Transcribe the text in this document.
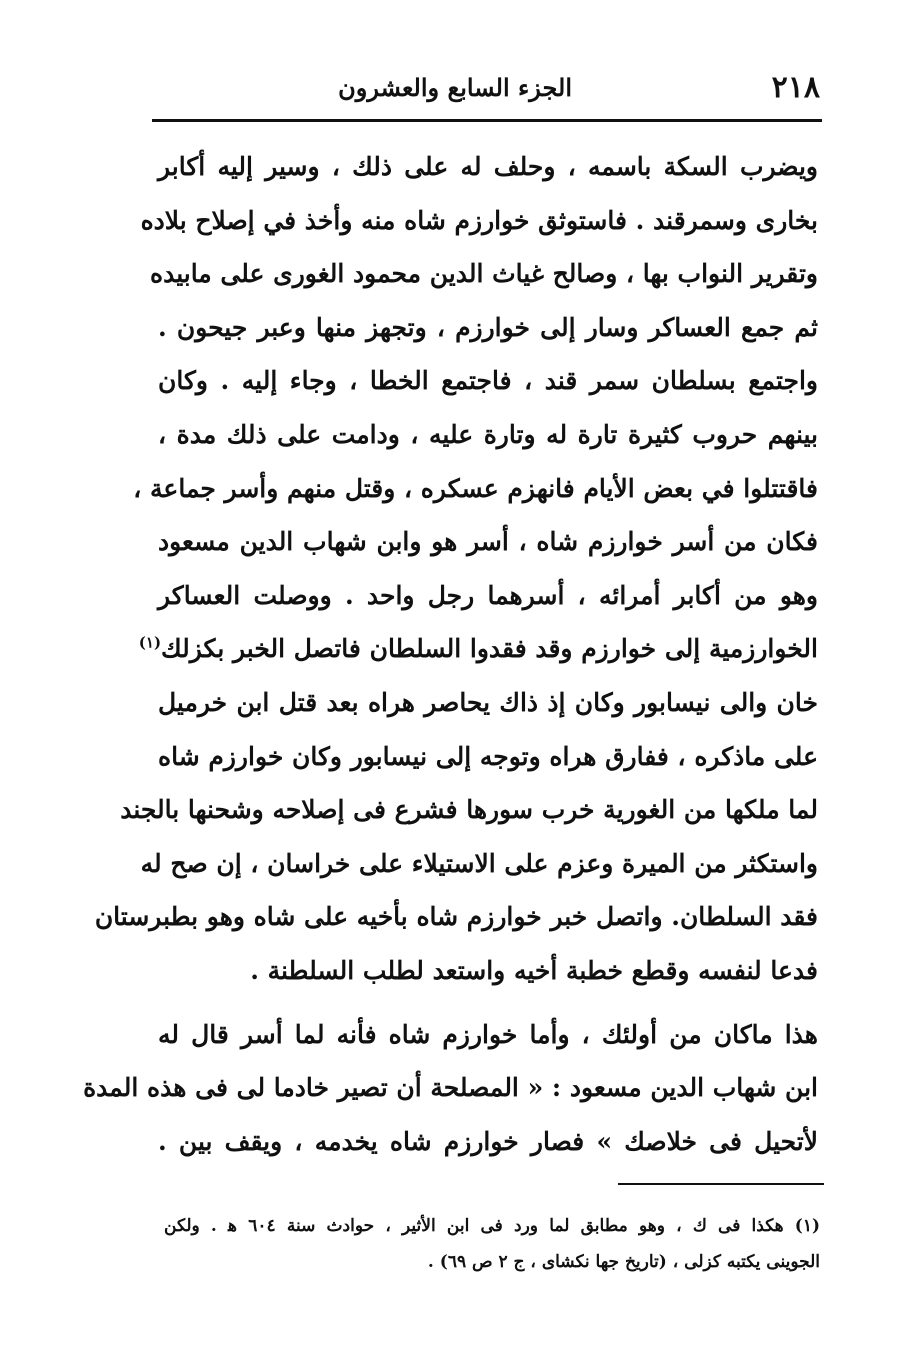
٢١٨
الجزء السابع والعشرون
ويضرب السكة باسمه ، وحلف له على ذلك ، وسير إليه أكابر
بخارى وسمرقند . فاستوثق خوارزم شاه منه وأخذ في إصلاح بلاده
وتقرير النواب بها ، وصالح غياث الدين محمود الغورى على مابيده
ثم جمع العساكر وسار إلى خوارزم ، وتجهز منها وعبر جيحون .
واجتمع بسلطان سمر قند ، فاجتمع الخطا ، وجاء إليه . وكان
بينهم حروب كثيرة تارة له وتارة عليه ، ودامت على ذلك مدة ،
فاقتتلوا في بعض الأيام فانهزم عسكره ، وقتل منهم وأسر جماعة ،
فكان من أسر خوارزم شاه ، أسر هو وابن شهاب الدين مسعود
وهو من أكابر أمرائه ، أسرهما رجل واحد . ووصلت العساكر
الخوارزمية إلى خوارزم وقد فقدوا السلطان فاتصل الخبر بكزلك$^{(١)}$
خان والى نيسابور وكان إذ ذاك يحاصر هراه بعد قتل ابن خرميل
على ماذكره ، ففارق هراه وتوجه إلى نيسابور وكان خوارزم شاه
لما ملكها من الغورية خرب سورها فشرع فى إصلاحه وشحنها بالجند
واستكثر من الميرة وعزم على الاستيلاء على خراسان ، إن صح له
فقد السلطان. واتصل خبر خوارزم شاه بأخيه على شاه وهو بطبرستان
فدعا لنفسه وقطع خطبة أخيه واستعد لطلب السلطنة .
هذا ماكان من أولئك ، وأما خوارزم شاه فأنه لما أسر قال له
ابن شهاب الدين مسعود : « المصلحة أن تصير خادما لى فى هذه المدة
لأتحيل فى خلاصك » فصار خوارزم شاه يخدمه ، ويقف بين .
(١) هكذا فى ك ، وهو مطابق لما ورد فى ابن الأثير ، حوادث سنة ٦٠٤ ﻫ . ولكن
الجوينى يكتبه كزلى ، (تاريخ جها نكشاى ، ج ٢ ص ٦٩) .
